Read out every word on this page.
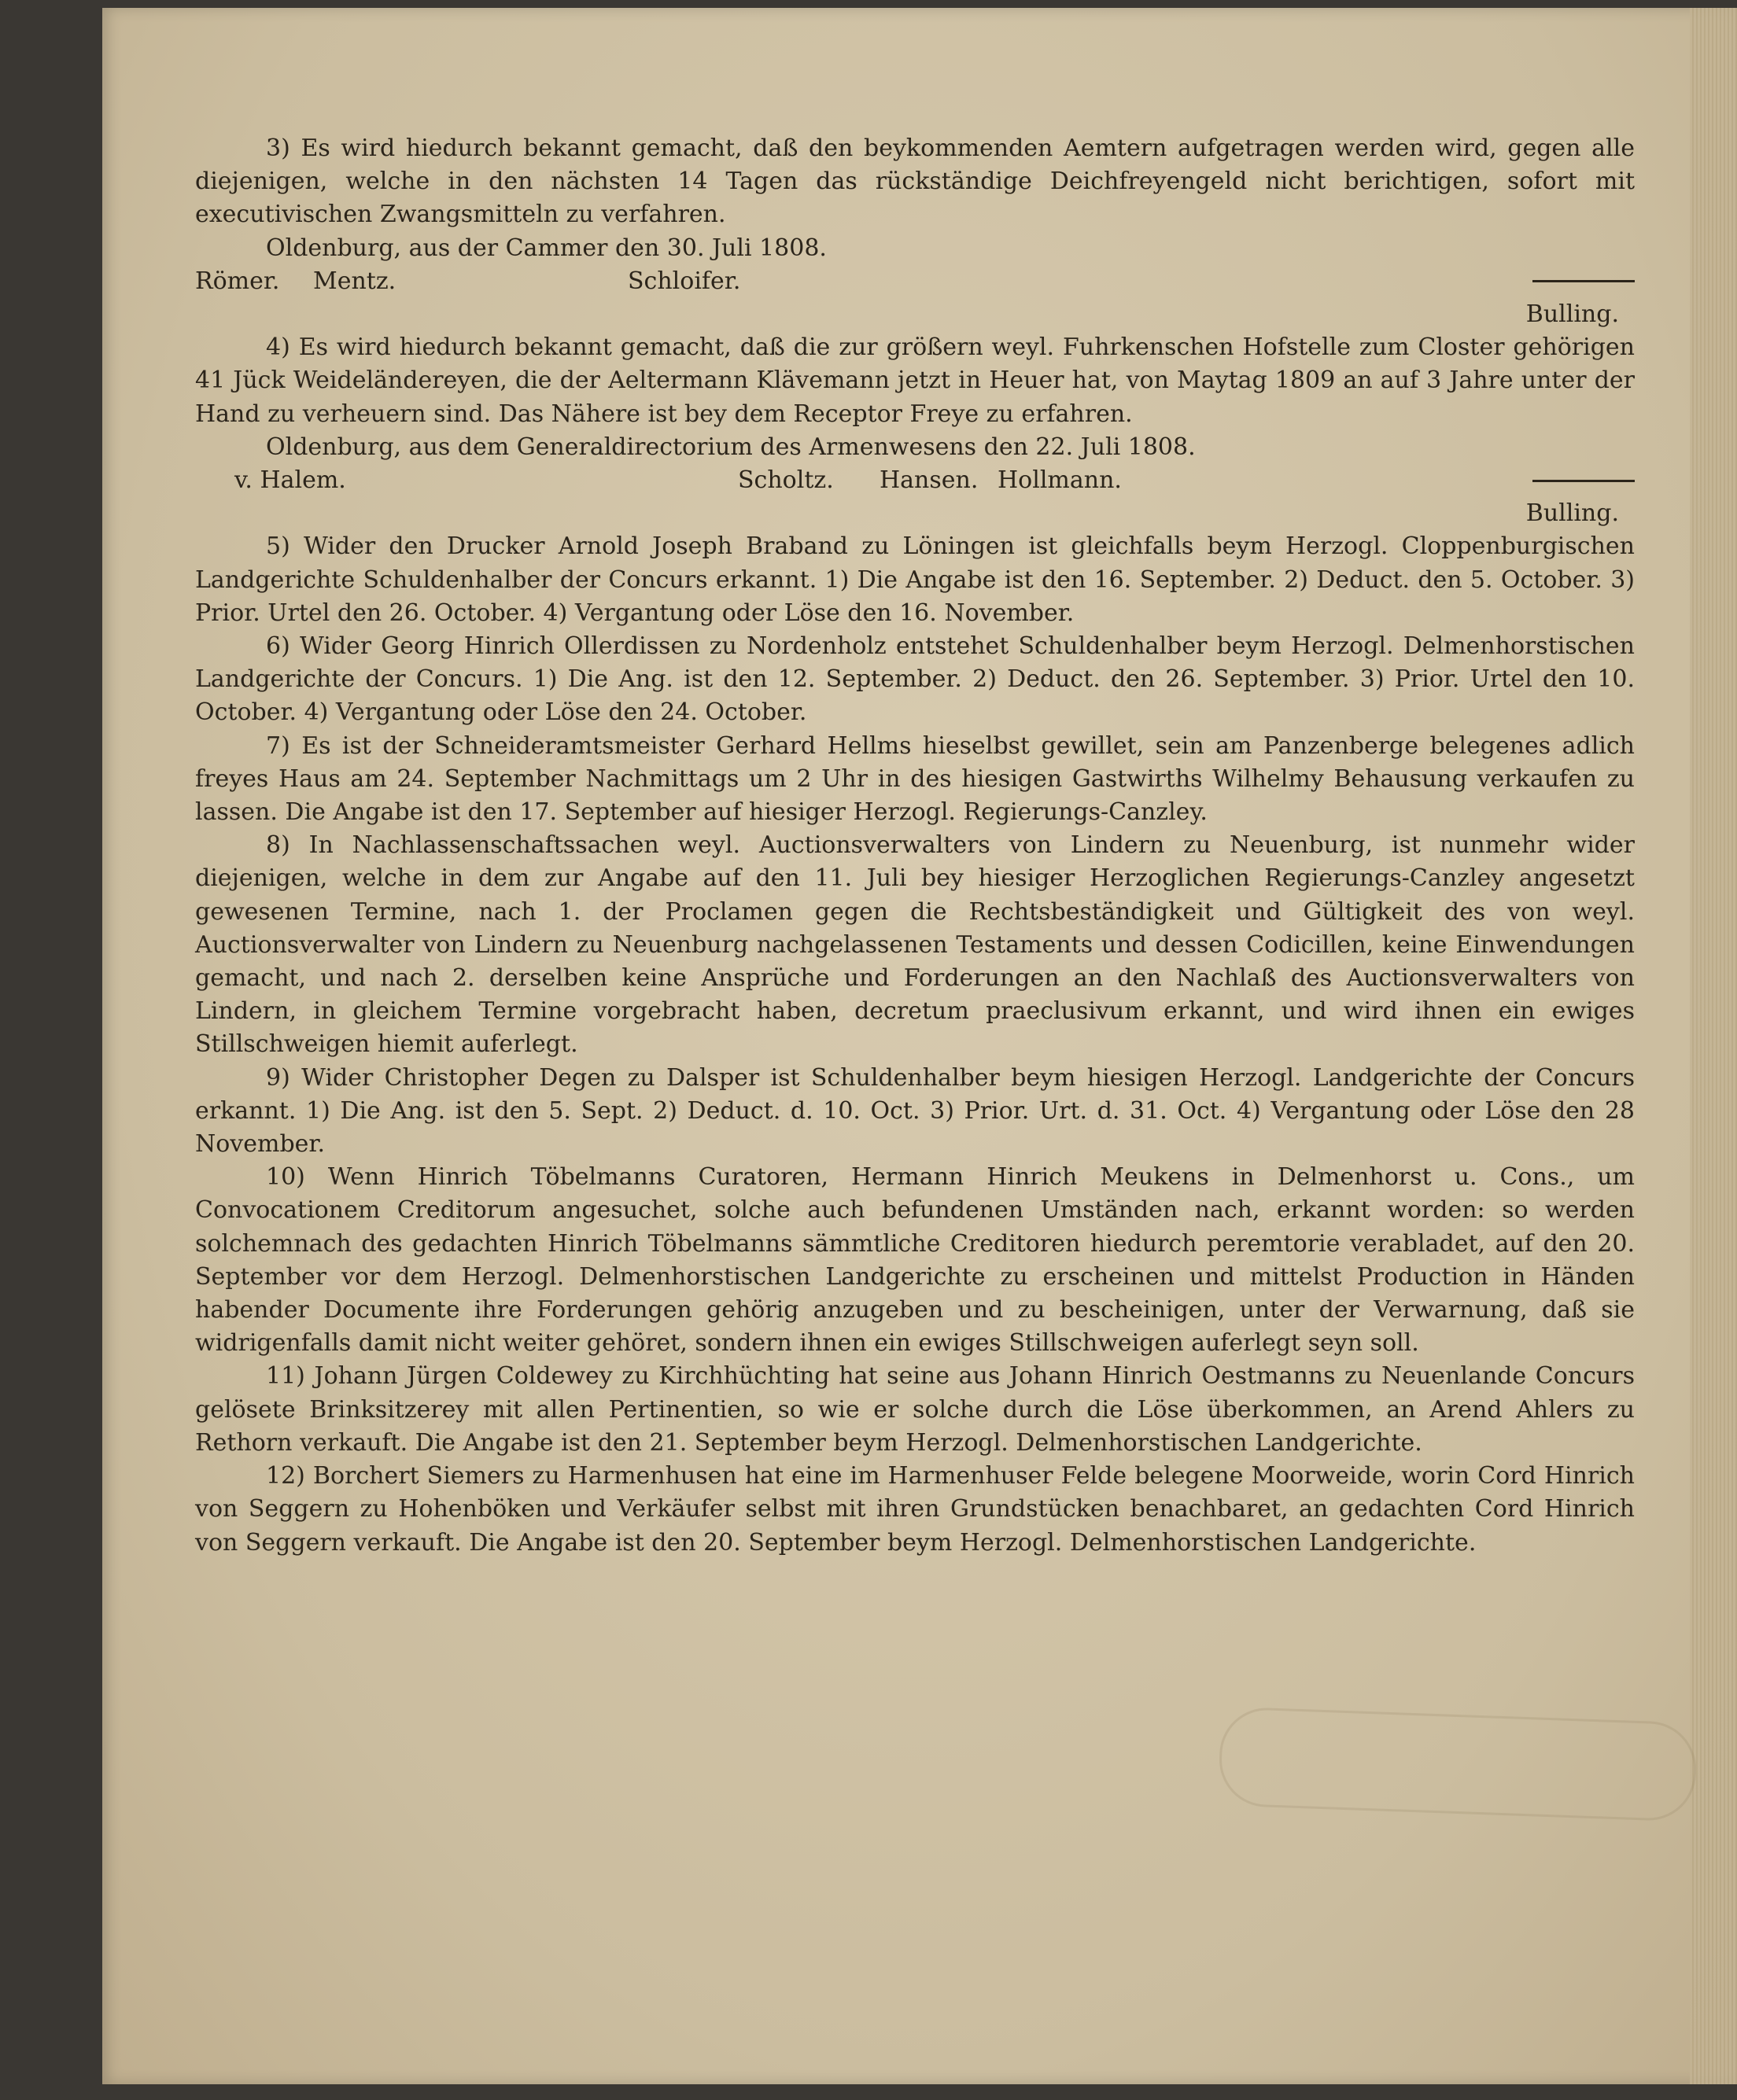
3) Es wird hiedurch bekannt gemacht, daß den beykommenden Aemtern aufgetragen werden wird, gegen alle diejenigen, welche in den nächsten 14 Tagen das rückständige Deichfreyengeld nicht berichtigen, sofort mit executivischen Zwangsmitteln zu verfahren.

Oldenburg, aus der Cammer den 30. Juli 1808.

Römer.	Mentz.	Schloifer.

Bulling.

4) Es wird hiedurch bekannt gemacht, daß die zur größern weyl. Fuhrkenschen Hofstelle zum Closter gehörigen 41 Jück Weideländereyen, die der Aeltermann Klävemann jetzt in Heuer hat, von Maytag 1809 an auf 3 Jahre unter der Hand zu verheuern sind. Das Nähere ist bey dem Receptor Freye zu erfahren.

Oldenburg, aus dem Generaldirectorium des Armenwesens den 22. Juli 1808.

v. Halem.	Scholtz.	Hansen. Hollmann.

Bulling.

5) Wider den Drucker Arnold Joseph Braband zu Löningen ist gleichfalls beym Herzogl. Cloppenburgischen Landgerichte Schuldenhalber der Concurs erkannt. 1) Die Angabe ist den 16. September. 2) Deduct. den 5. October. 3) Prior. Urtel den 26. October. 4) Vergantung oder Löse den 16. November.

6) Wider Georg Hinrich Ollerdissen zu Nordenholz entstehet Schuldenhalber beym Herzogl. Delmenhorstischen Landgerichte der Concurs. 1) Die Ang. ist den 12. September. 2) Deduct. den 26. September. 3) Prior. Urtel den 10. October. 4) Vergantung oder Löse den 24. October.

7) Es ist der Schneideramtsmeister Gerhard Hellms hieselbst gewillet, sein am Panzenberge belegenes adlich freyes Haus am 24. September Nachmittags um 2 Uhr in des hiesigen Gastwirths Wilhelmy Behausung verkaufen zu lassen. Die Angabe ist den 17. September auf hiesiger Herzogl. Regierungs-Canzley.

8) In Nachlassenschaftssachen weyl. Auctionsverwalters von Lindern zu Neuenburg, ist nunmehr wider diejenigen, welche in dem zur Angabe auf den 11. Juli bey hiesiger Herzoglichen Regierungs-Canzley angesetzt gewesenen Termine, nach 1. der Proclamen gegen die Rechtsbeständigkeit und Gültigkeit des von weyl. Auctionsverwalter von Lindern zu Neuenburg nachgelassenen Testaments und dessen Codicillen, keine Einwendungen gemacht, und nach 2. derselben keine Ansprüche und Forderungen an den Nachlaß des Auctionsverwalters von Lindern, in gleichem Termine vorgebracht haben, decretum praeclusivum erkannt, und wird ihnen ein ewiges Stillschweigen hiemit auferlegt.

9) Wider Christopher Degen zu Dalsper ist Schuldenhalber beym hiesigen Herzogl. Landgerichte der Concurs erkannt. 1) Die Ang. ist den 5. Sept. 2) Deduct. d. 10. Oct. 3) Prior. Urt. d. 31. Oct. 4) Vergantung oder Löse den 28 November.

10) Wenn Hinrich Töbelmanns Curatoren, Hermann Hinrich Meukens in Delmenhorst u. Cons., um Convocationem Creditorum angesuchet, solche auch befundenen Umständen nach, erkannt worden: so werden solchemnach des gedachten Hinrich Töbelmanns sämmtliche Creditoren hiedurch peremtorie verabladet, auf den 20. September vor dem Herzogl. Delmenhorstischen Landgerichte zu erscheinen und mittelst Production in Händen habender Documente ihre Forderungen gehörig anzugeben und zu bescheinigen, unter der Verwarnung, daß sie widrigenfalls damit nicht weiter gehöret, sondern ihnen ein ewiges Stillschweigen auferlegt seyn soll.

11) Johann Jürgen Coldewey zu Kirchhüchting hat seine aus Johann Hinrich Oestmanns zu Neuenlande Concurs gelösete Brinksitzerey mit allen Pertinentien, so wie er solche durch die Löse überkommen, an Arend Ahlers zu Rethorn verkauft. Die Angabe ist den 21. September beym Herzogl. Delmenhorstischen Landgerichte.

12) Borchert Siemers zu Harmenhusen hat eine im Harmenhuser Felde belegene Moorweide, worin Cord Hinrich von Seggern zu Hohenböken und Verkäufer selbst mit ihren Grundstücken benachbaret, an gedachten Cord Hinrich von Seggern verkauft. Die Angabe ist den 20. September beym Herzogl. Delmenhorstischen Landgerichte.
